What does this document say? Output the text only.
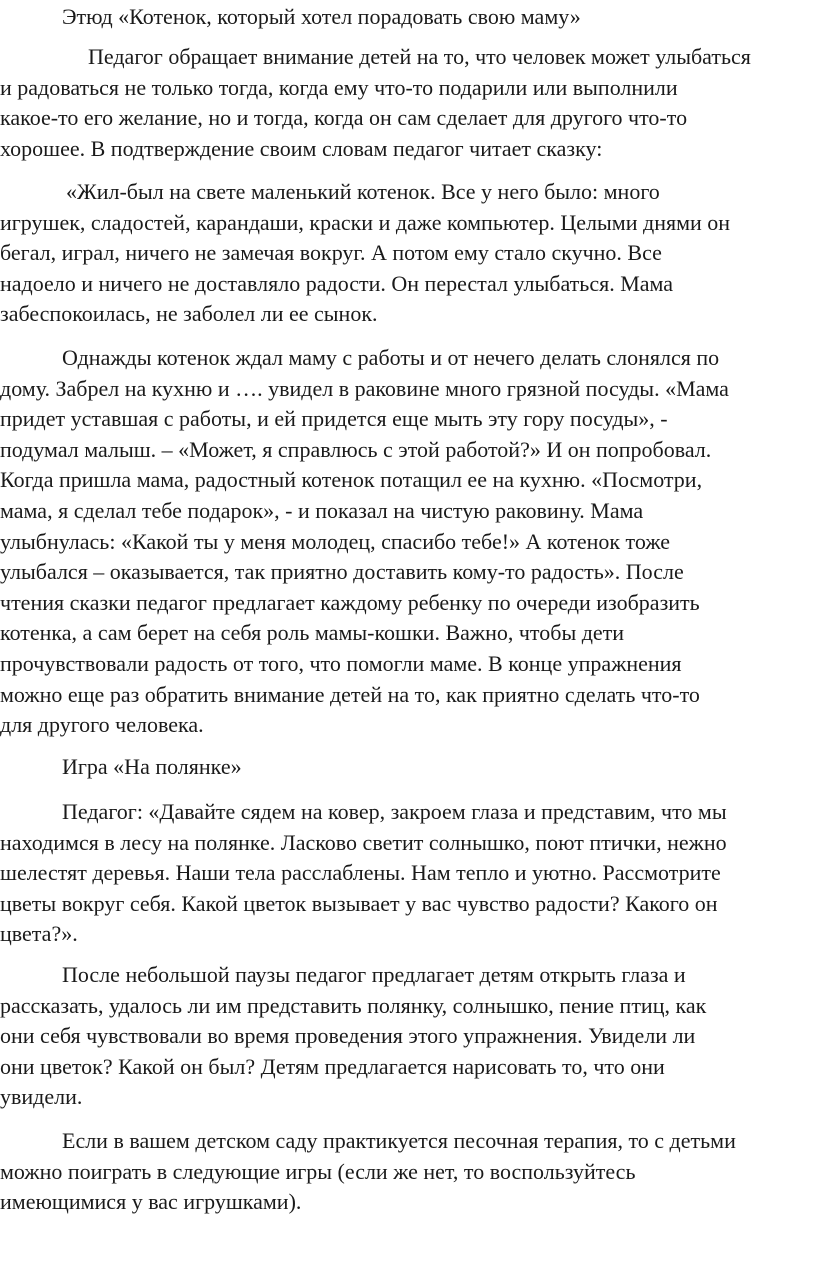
Этюд «Котенок, который хотел порадовать свою маму»

Педагог обращает внимание детей на то, что человек может улыбаться
и радоваться не только тогда, когда ему что-то подарили или выполнили
какое-то его желание, но и тогда, когда он сам сделает для другого что-то
хорошее. В подтверждение своим словам педагог читает сказку:

«Жил-был на свете маленький котенок. Все у него было: много
игрушек, сладостей, карандаши, краски и даже компьютер. Целыми днями он
бегал, играл, ничего не замечая вокруг. А потом ему стало скучно. Все
надоело и ничего не доставляло радости. Он перестал улыбаться. Мама
забеспокоилась, не заболел ли ее сынок.

Однажды котенок ждал маму с работы и от нечего делать слонялся по
дому. Забрел на кухню и …. увидел в раковине много грязной посуды. «Мама
придет уставшая с работы, и ей придется еще мыть эту гору посуды», -
подумал малыш. – «Может, я справлюсь с этой работой?» И он попробовал.
Когда пришла мама, радостный котенок потащил ее на кухню. «Посмотри,
мама, я сделал тебе подарок», - и показал на чистую раковину. Мама
улыбнулась: «Какой ты у меня молодец, спасибо тебе!» А котенок тоже
улыбался – оказывается, так приятно доставить кому-то радость». После
чтения сказки педагог предлагает каждому ребенку по очереди изобразить
котенка, а сам берет на себя роль мамы-кошки. Важно, чтобы дети
прочувствовали радость от того, что помогли маме. В конце упражнения
можно еще раз обратить внимание детей на то, как приятно сделать что-то
для другого человека.

Игра «На полянке»

Педагог: «Давайте сядем на ковер, закроем глаза и представим, что мы
находимся в лесу на полянке. Ласково светит солнышко, поют птички, нежно
шелестят деревья. Наши тела расслаблены. Нам тепло и уютно. Рассмотрите
цветы вокруг себя. Какой цветок вызывает у вас чувство радости? Какого он
цвета?».

После небольшой паузы педагог предлагает детям открыть глаза и
рассказать, удалось ли им представить полянку, солнышко, пение птиц, как
они себя чувствовали во время проведения этого упражнения. Увидели ли
они цветок? Какой он был? Детям предлагается нарисовать то, что они
увидели.

Если в вашем детском саду практикуется песочная терапия, то с детьми
можно поиграть в следующие игры (если же нет, то воспользуйтесь
имеющимися у вас игрушками).
